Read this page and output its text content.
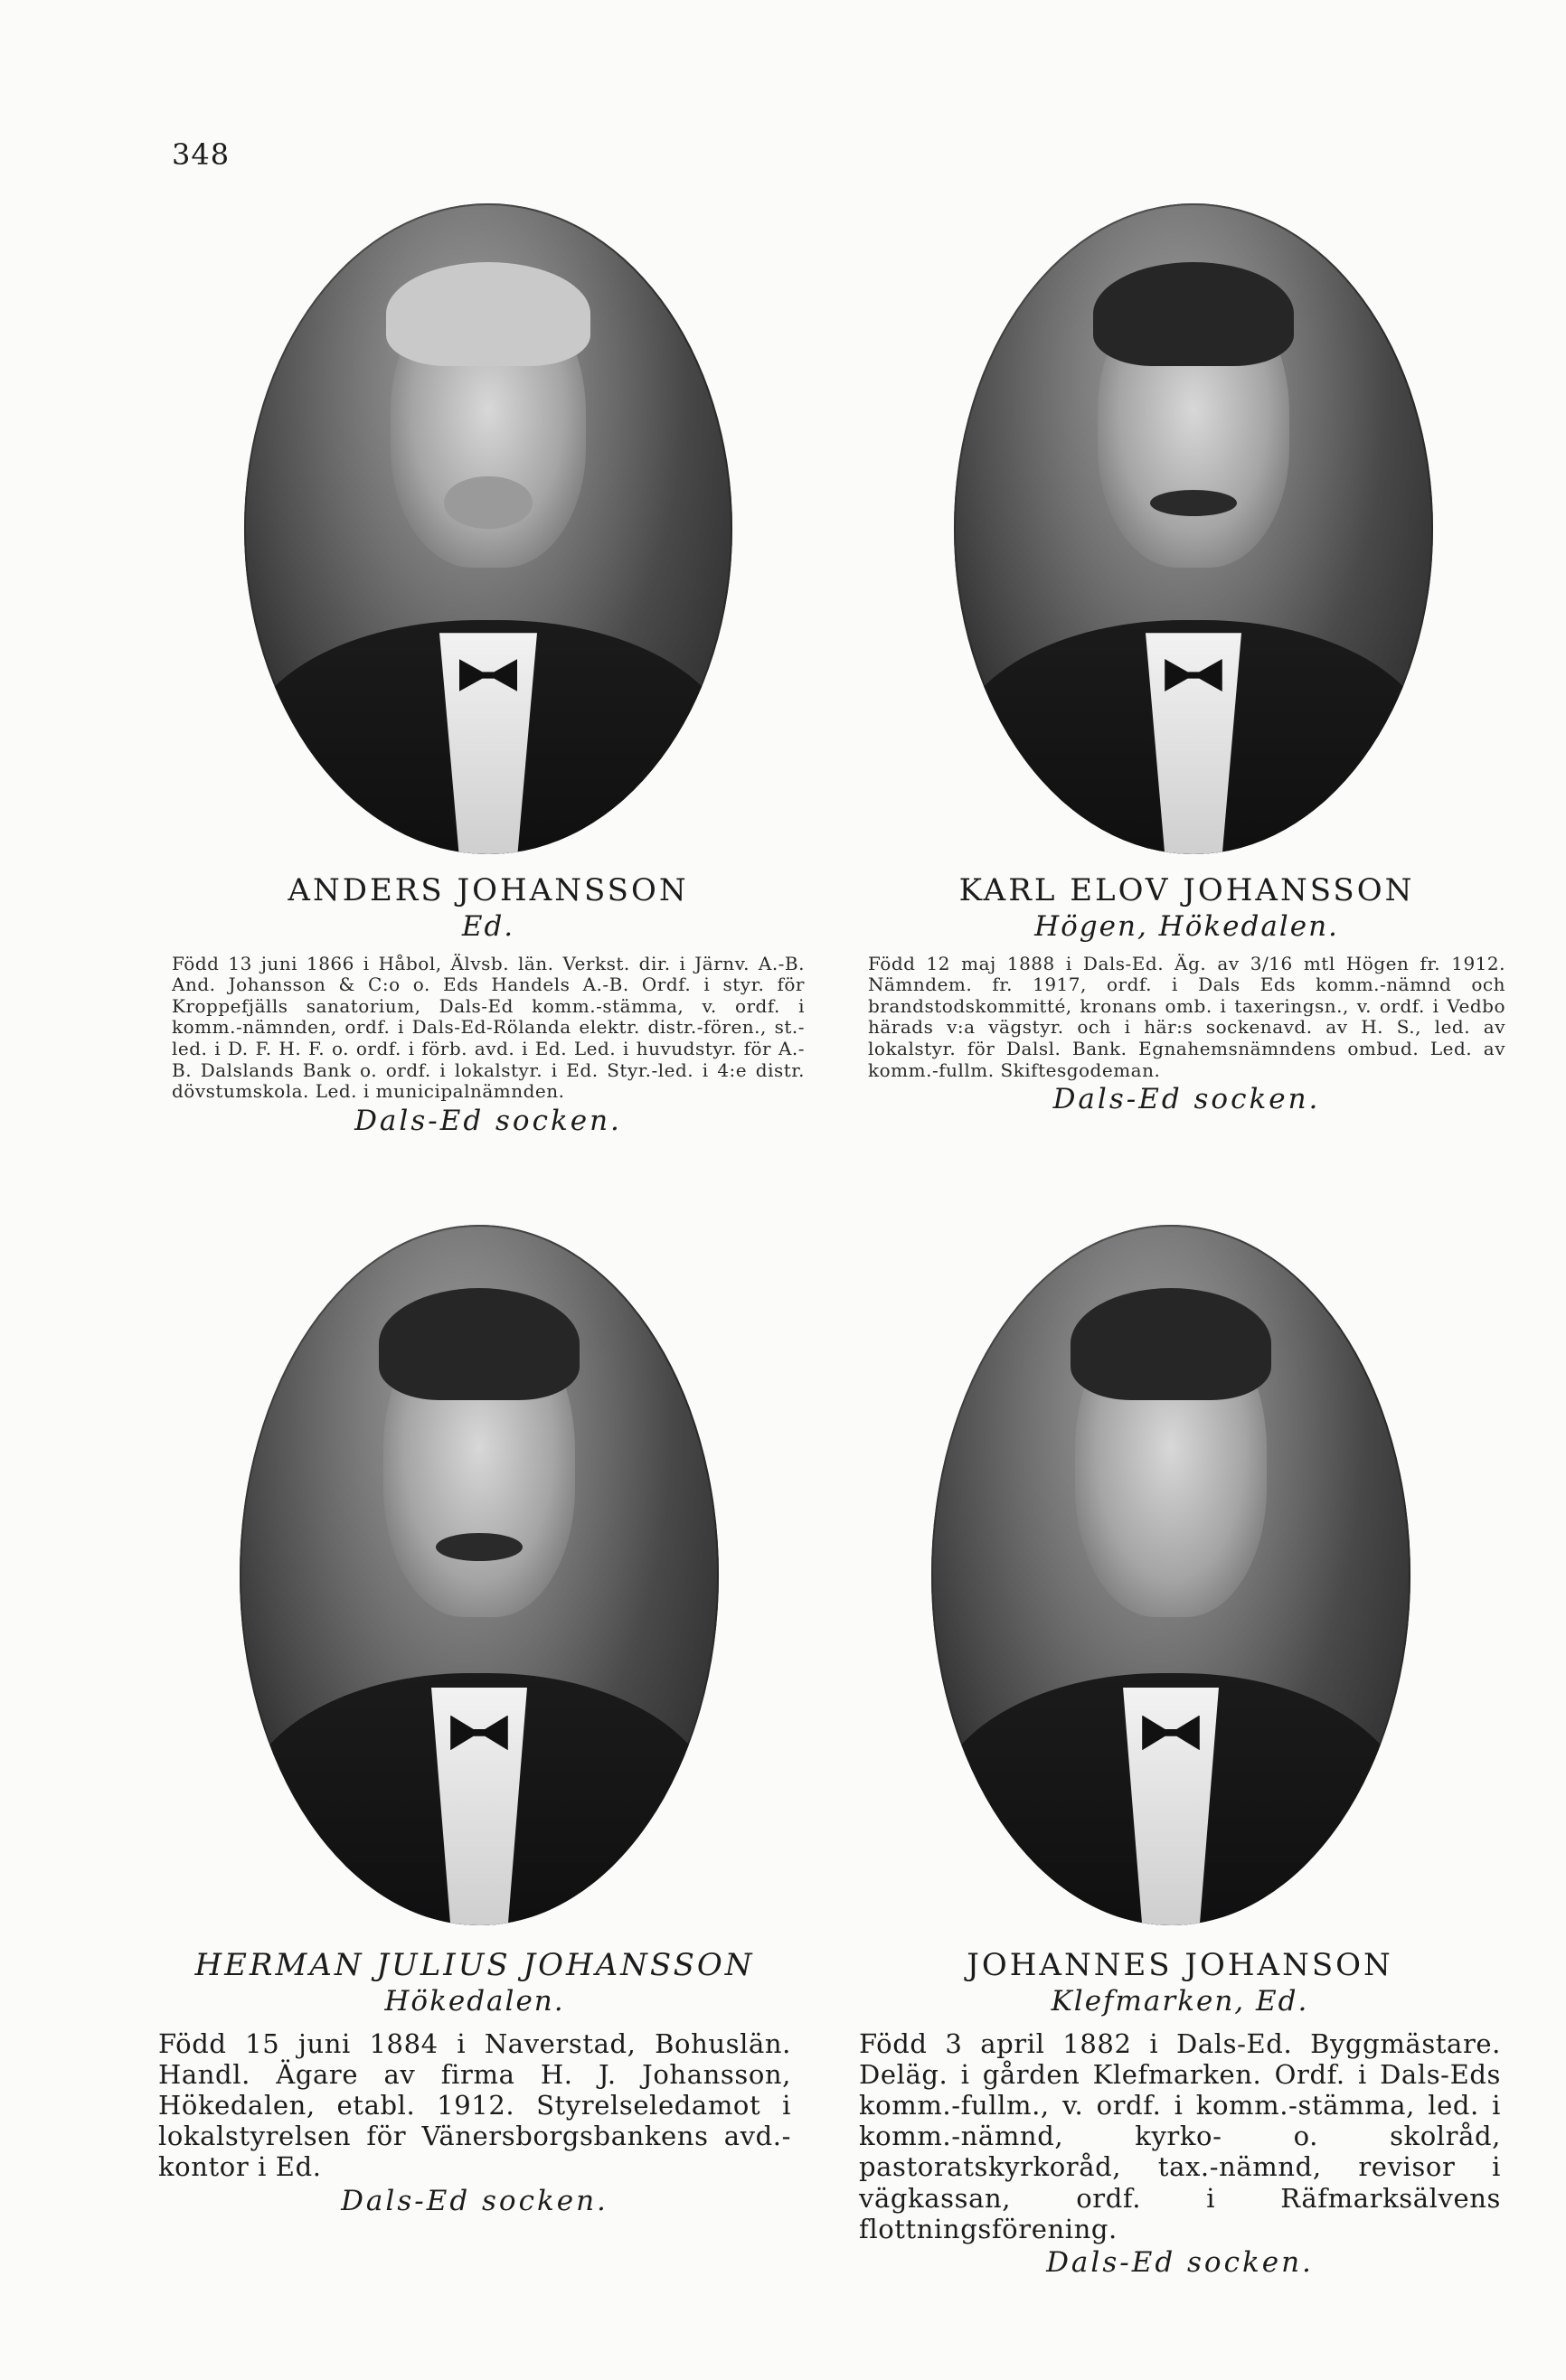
348
ANDERS JOHANSSON
Ed.
Född 13 juni 1866 i Håbol, Älvsb. län. Verkst. dir. i Järnv. A.-B. And. Johansson & C:o o. Eds Handels A.-B. Ordf. i styr. för Kroppefjälls sanatorium, Dals-Ed komm.-stämma, v. ordf. i komm.-nämnden, ordf. i Dals-Ed-Rölanda elektr. distr.-fören., st.-led. i D. F. H. F. o. ordf. i förb. avd. i Ed. Led. i huvudstyr. för A.-B. Dalslands Bank o. ordf. i lokalstyr. i Ed. Styr.-led. i 4:e distr. dövstumskola. Led. i municipalnämnden.
Dals-Ed socken.
KARL ELOV JOHANSSON
Högen, Hökedalen.
Född 12 maj 1888 i Dals-Ed. Äg. av 3/16 mtl Högen fr. 1912. Nämndem. fr. 1917, ordf. i Dals Eds komm.-nämnd och brandstodskommitté, kronans omb. i taxeringsn., v. ordf. i Vedbo härads v:a vägstyr. och i här:s sockenavd. av H. S., led. av lokalstyr. för Dalsl. Bank. Egnahemsnämndens ombud. Led. av komm.-fullm. Skiftesgodeman.
Dals-Ed socken.
HERMAN JULIUS JOHANSSON
Hökedalen.
Född 15 juni 1884 i Naverstad, Bohuslän. Handl. Ägare av firma H. J. Johansson, Hökedalen, etabl. 1912. Styrelseledamot i lokalstyrelsen för Vänersborgsbankens avd.-kontor i Ed.
Dals-Ed socken.
JOHANNES JOHANSON
Klefmarken, Ed.
Född 3 april 1882 i Dals-Ed. Byggmästare. Deläg. i gården Klefmarken. Ordf. i Dals-Eds komm.-fullm., v. ordf. i komm.-stämma, led. i komm.-nämnd, kyrko- o. skolråd, pastoratskyrkoråd, tax.-nämnd, revisor i vägkassan, ordf. i Räfmarksälvens flottningsförening.
Dals-Ed socken.
